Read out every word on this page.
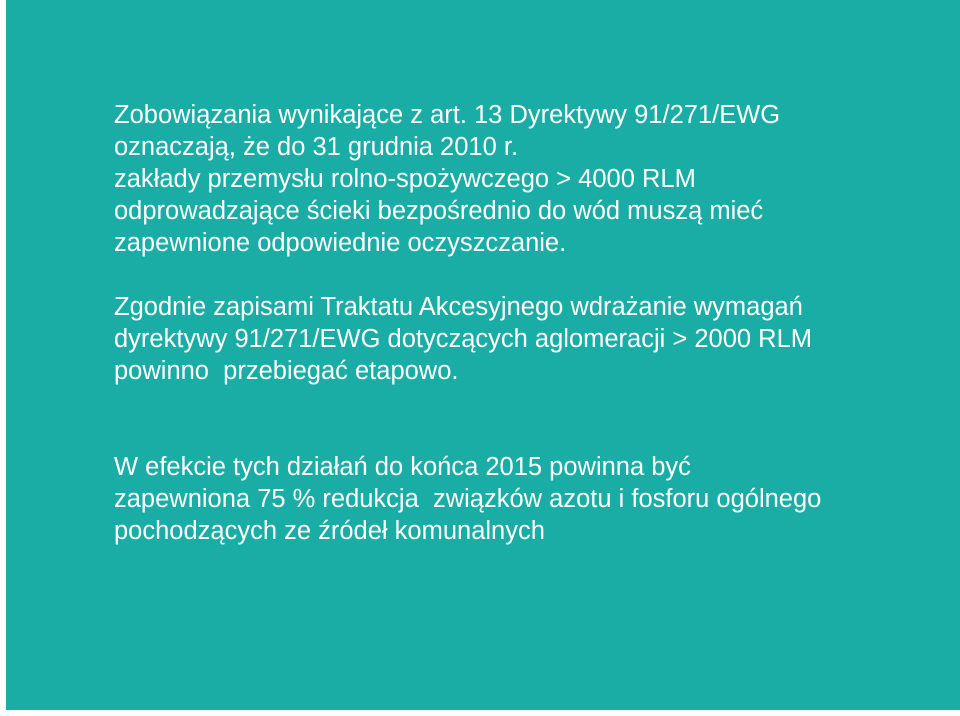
Zobowiązania wynikające z art. 13 Dyrektywy 91/271/EWG
oznaczają, że do 31 grudnia 2010 r.
zakłady przemysłu rolno-spożywczego > 4000 RLM
odprowadzające ścieki bezpośrednio do wód muszą mieć
zapewnione odpowiednie oczyszczanie.

Zgodnie zapisami Traktatu Akcesyjnego wdrażanie wymagań
dyrektywy 91/271/EWG dotyczących aglomeracji > 2000 RLM
powinno  przebiegać etapowo.

W efekcie tych działań do końca 2015 powinna być
zapewniona 75 % redukcja  związków azotu i fosforu ogólnego
pochodzących ze źródeł komunalnych
